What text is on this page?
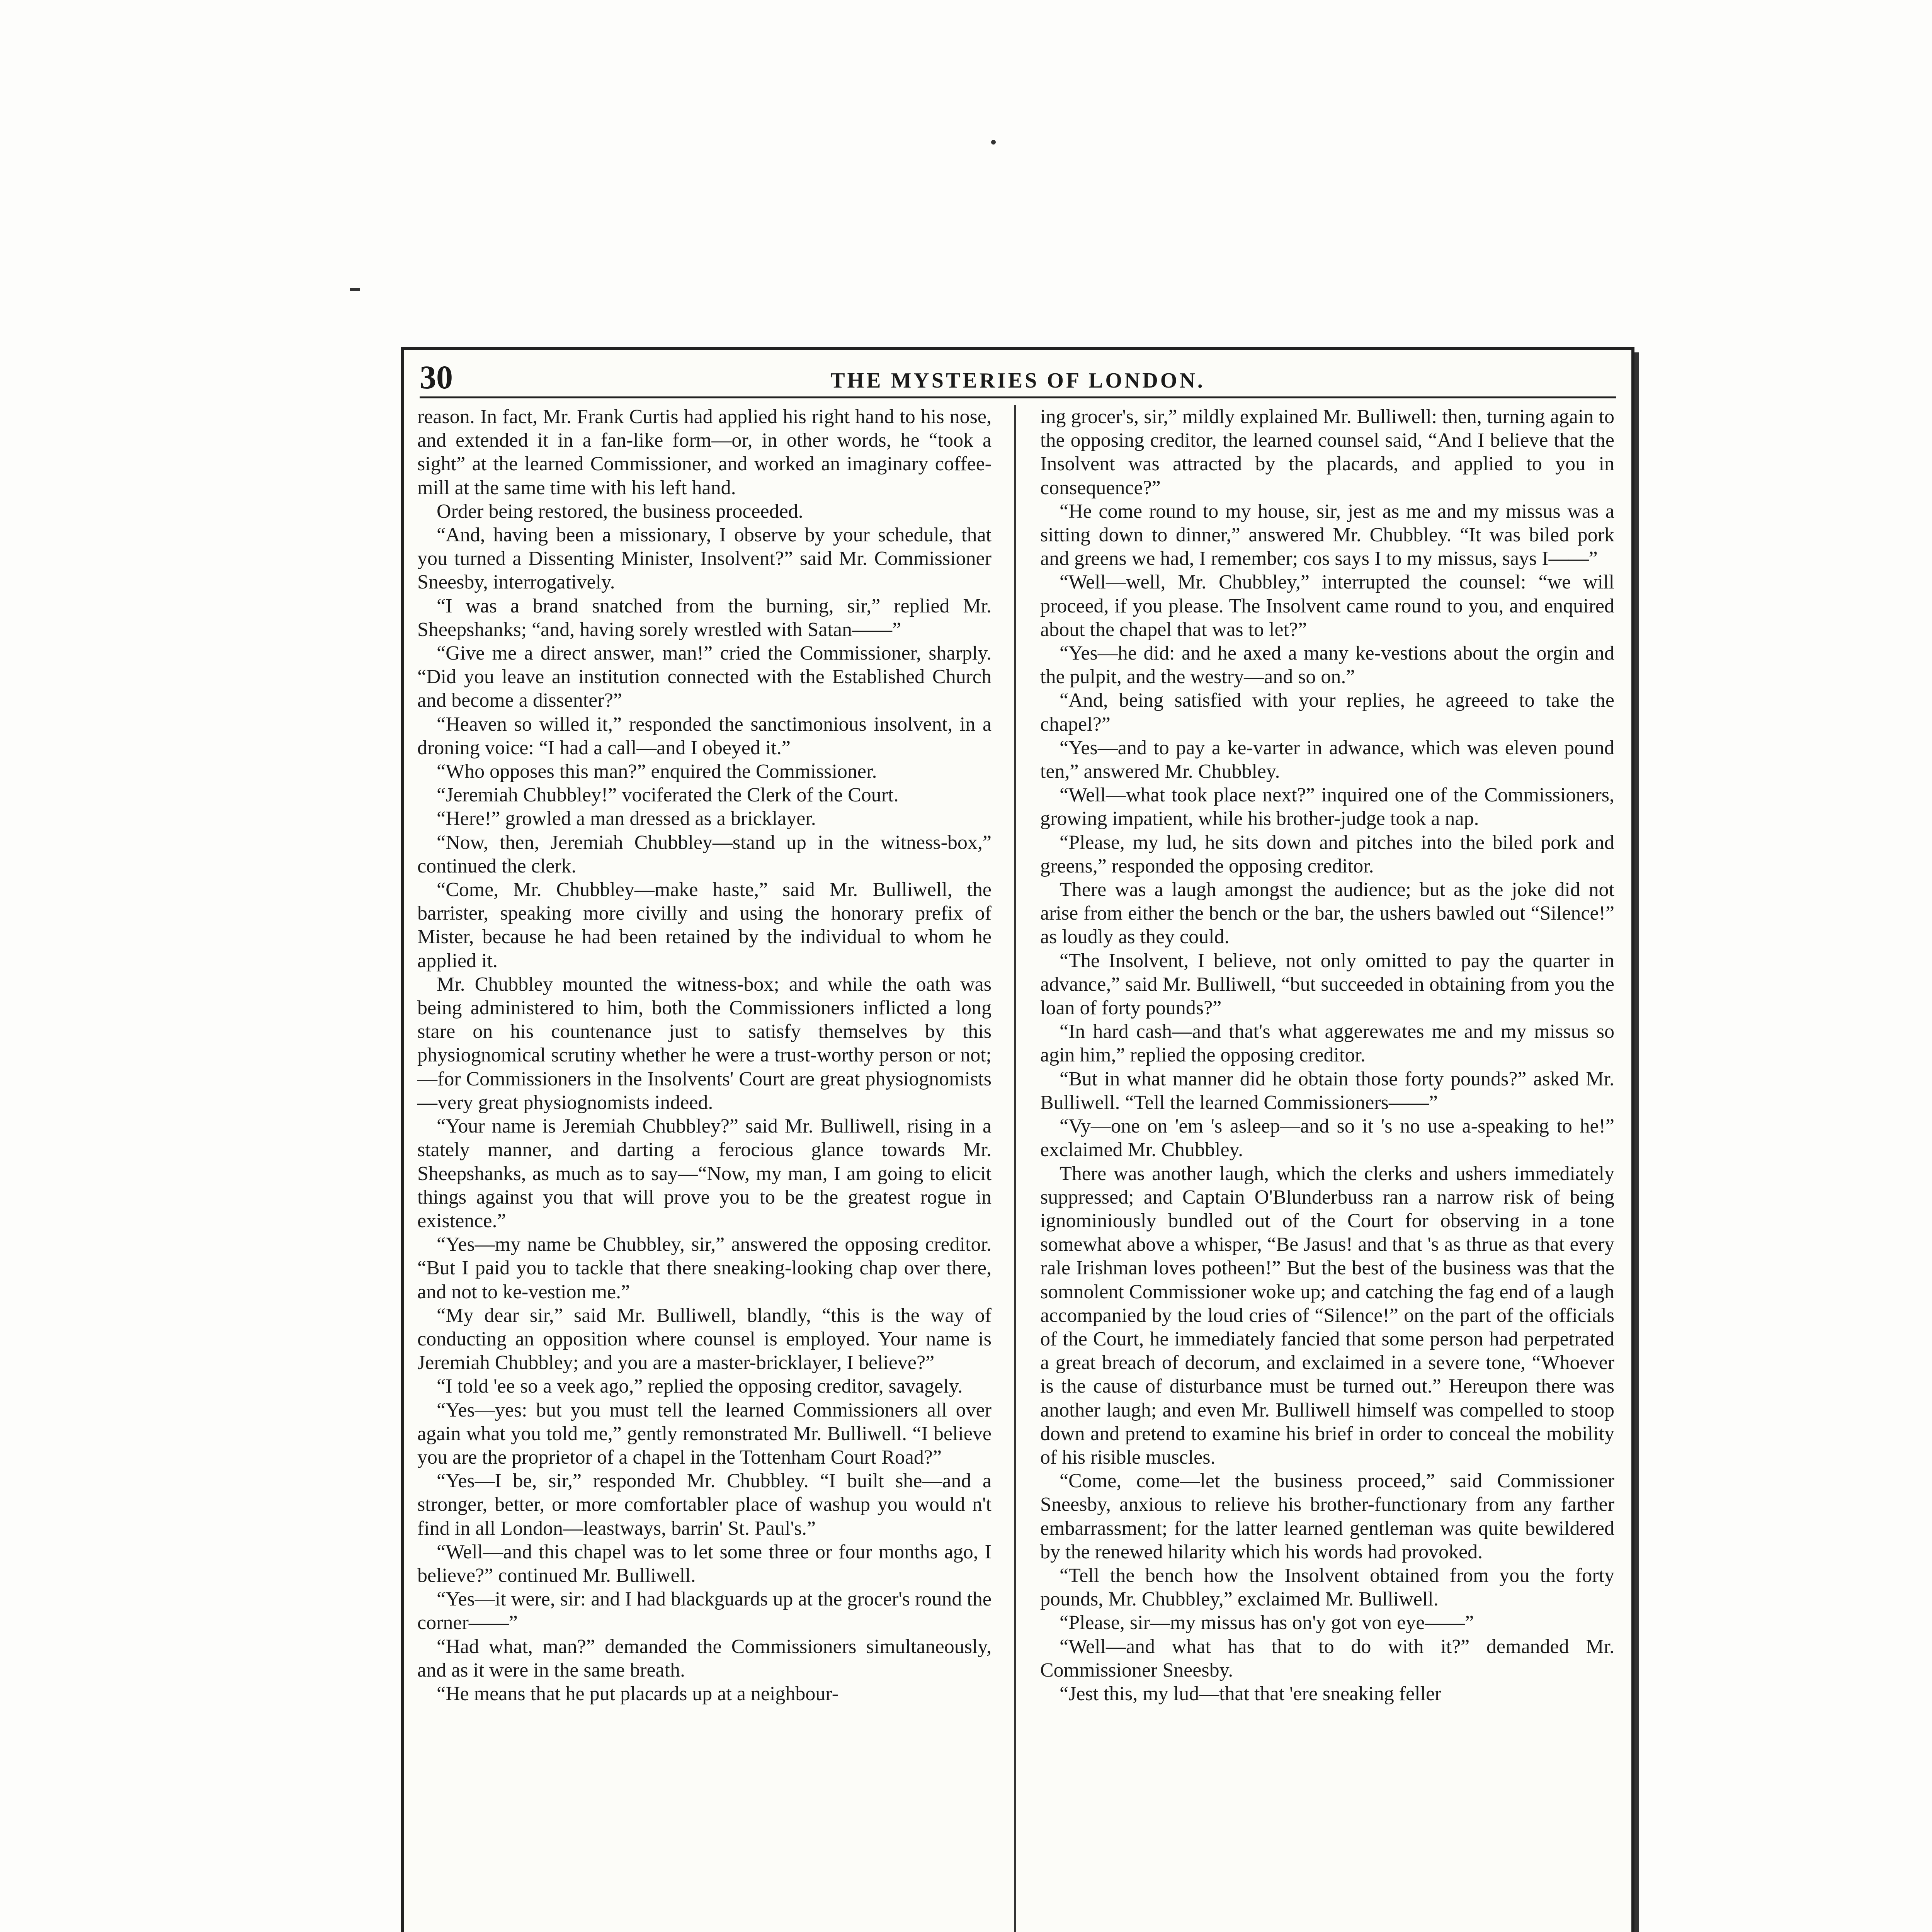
30	THE MYSTERIES OF LONDON.

reason. In fact, Mr. Frank Curtis had applied his right hand to his nose, and extended it in a fan-like form—or, in other words, he “took a sight” at the learned Commissioner, and worked an imaginary coffee-mill at the same time with his left hand.

Order being restored, the business proceeded.

“And, having been a missionary, I observe by your schedule, that you turned a Dissenting Minister, Insolvent?” said Mr. Commissioner Sneesby, interrogatively.

“I was a brand snatched from the burning, sir,” replied Mr. Sheepshanks; “and, having sorely wrestled with Satan——”

“Give me a direct answer, man!” cried the Commissioner, sharply. “Did you leave an institution connected with the Established Church and become a dissenter?”

“Heaven so willed it,” responded the sanctimonious insolvent, in a droning voice: “I had a call—and I obeyed it.”

“Who opposes this man?” enquired the Commissioner.

“Jeremiah Chubbley!” vociferated the Clerk of the Court.

“Here!” growled a man dressed as a bricklayer.

“Now, then, Jeremiah Chubbley—stand up in the witness-box,” continued the clerk.

“Come, Mr. Chubbley—make haste,” said Mr. Bulliwell, the barrister, speaking more civilly and using the honorary prefix of Mister, because he had been retained by the individual to whom he applied it.

Mr. Chubbley mounted the witness-box; and while the oath was being administered to him, both the Commissioners inflicted a long stare on his countenance just to satisfy themselves by this physiognomical scrutiny whether he were a trust-worthy person or not;—for Commissioners in the Insolvents' Court are great physiognomists—very great physiognomists indeed.

“Your name is Jeremiah Chubbley?” said Mr. Bulliwell, rising in a stately manner, and darting a ferocious glance towards Mr. Sheepshanks, as much as to say—“Now, my man, I am going to elicit things against you that will prove you to be the greatest rogue in existence.”

“Yes—my name be Chubbley, sir,” answered the opposing creditor. “But I paid you to tackle that there sneaking-looking chap over there, and not to ke-vestion me.”

“My dear sir,” said Mr. Bulliwell, blandly, “this is the way of conducting an opposition where counsel is employed. Your name is Jeremiah Chubbley; and you are a master-bricklayer, I believe?”

“I told 'ee so a veek ago,” replied the opposing creditor, savagely.

“Yes—yes: but you must tell the learned Commissioners all over again what you told me,” gently remonstrated Mr. Bulliwell. “I believe you are the proprietor of a chapel in the Tottenham Court Road?”

“Yes—I be, sir,” responded Mr. Chubbley. “I built she—and a stronger, better, or more comfortabler place of washup you would n't find in all London—leastways, barrin' St. Paul's.”

“Well—and this chapel was to let some three or four months ago, I believe?” continued Mr. Bulliwell.

“Yes—it were, sir: and I had blackguards up at the grocer's round the corner——”

“Had what, man?” demanded the Commissioners simultaneously, and as it were in the same breath.

“He means that he put placards up at a neighbour-

ing grocer's, sir,” mildly explained Mr. Bulliwell: then, turning again to the opposing creditor, the learned counsel said, “And I believe that the Insolvent was attracted by the placards, and applied to you in consequence?”

“He come round to my house, sir, jest as me and my missus was a sitting down to dinner,” answered Mr. Chubbley. “It was biled pork and greens we had, I remember; cos says I to my missus, says I——”

“Well—well, Mr. Chubbley,” interrupted the counsel: “we will proceed, if you please. The Insolvent came round to you, and enquired about the chapel that was to let?”

“Yes—he did: and he axed a many ke-vestions about the orgin and the pulpit, and the westry—and so on.”

“And, being satisfied with your replies, he agreeed to take the chapel?”

“Yes—and to pay a ke-varter in adwance, which was eleven pound ten,” answered Mr. Chubbley.

“Well—what took place next?” inquired one of the Commissioners, growing impatient, while his brother-judge took a nap.

“Please, my lud, he sits down and pitches into the biled pork and greens,” responded the opposing creditor.

There was a laugh amongst the audience; but as the joke did not arise from either the bench or the bar, the ushers bawled out “Silence!” as loudly as they could.

“The Insolvent, I believe, not only omitted to pay the quarter in advance,” said Mr. Bulliwell, “but succeeded in obtaining from you the loan of forty pounds?”

“In hard cash—and that's what aggerewates me and my missus so agin him,” replied the opposing creditor.

“But in what manner did he obtain those forty pounds?” asked Mr. Bulliwell. “Tell the learned Commissioners——”

“Vy—one on 'em 's asleep—and so it 's no use a-speaking to he!” exclaimed Mr. Chubbley.

There was another laugh, which the clerks and ushers immediately suppressed; and Captain O'Blunderbuss ran a narrow risk of being ignominiously bundled out of the Court for observing in a tone somewhat above a whisper, “Be Jasus! and that 's as thrue as that every rale Irishman loves potheen!” But the best of the business was that the somnolent Commissioner woke up; and catching the fag end of a laugh accompanied by the loud cries of “Silence!” on the part of the officials of the Court, he immediately fancied that some person had perpetrated a great breach of decorum, and exclaimed in a severe tone, “Whoever is the cause of disturbance must be turned out.” Hereupon there was another laugh; and even Mr. Bulliwell himself was compelled to stoop down and pretend to examine his brief in order to conceal the mobility of his risible muscles.

“Come, come—let the business proceed,” said Commissioner Sneesby, anxious to relieve his brother-functionary from any farther embarrassment; for the latter learned gentleman was quite bewildered by the renewed hilarity which his words had provoked.

“Tell the bench how the Insolvent obtained from you the forty pounds, Mr. Chubbley,” exclaimed Mr. Bulliwell.

“Please, sir—my missus has on'y got von eye——”

“Well—and what has that to do with it?” demanded Mr. Commissioner Sneesby.

“Jest this, my lud—that that 'ere sneaking feller
